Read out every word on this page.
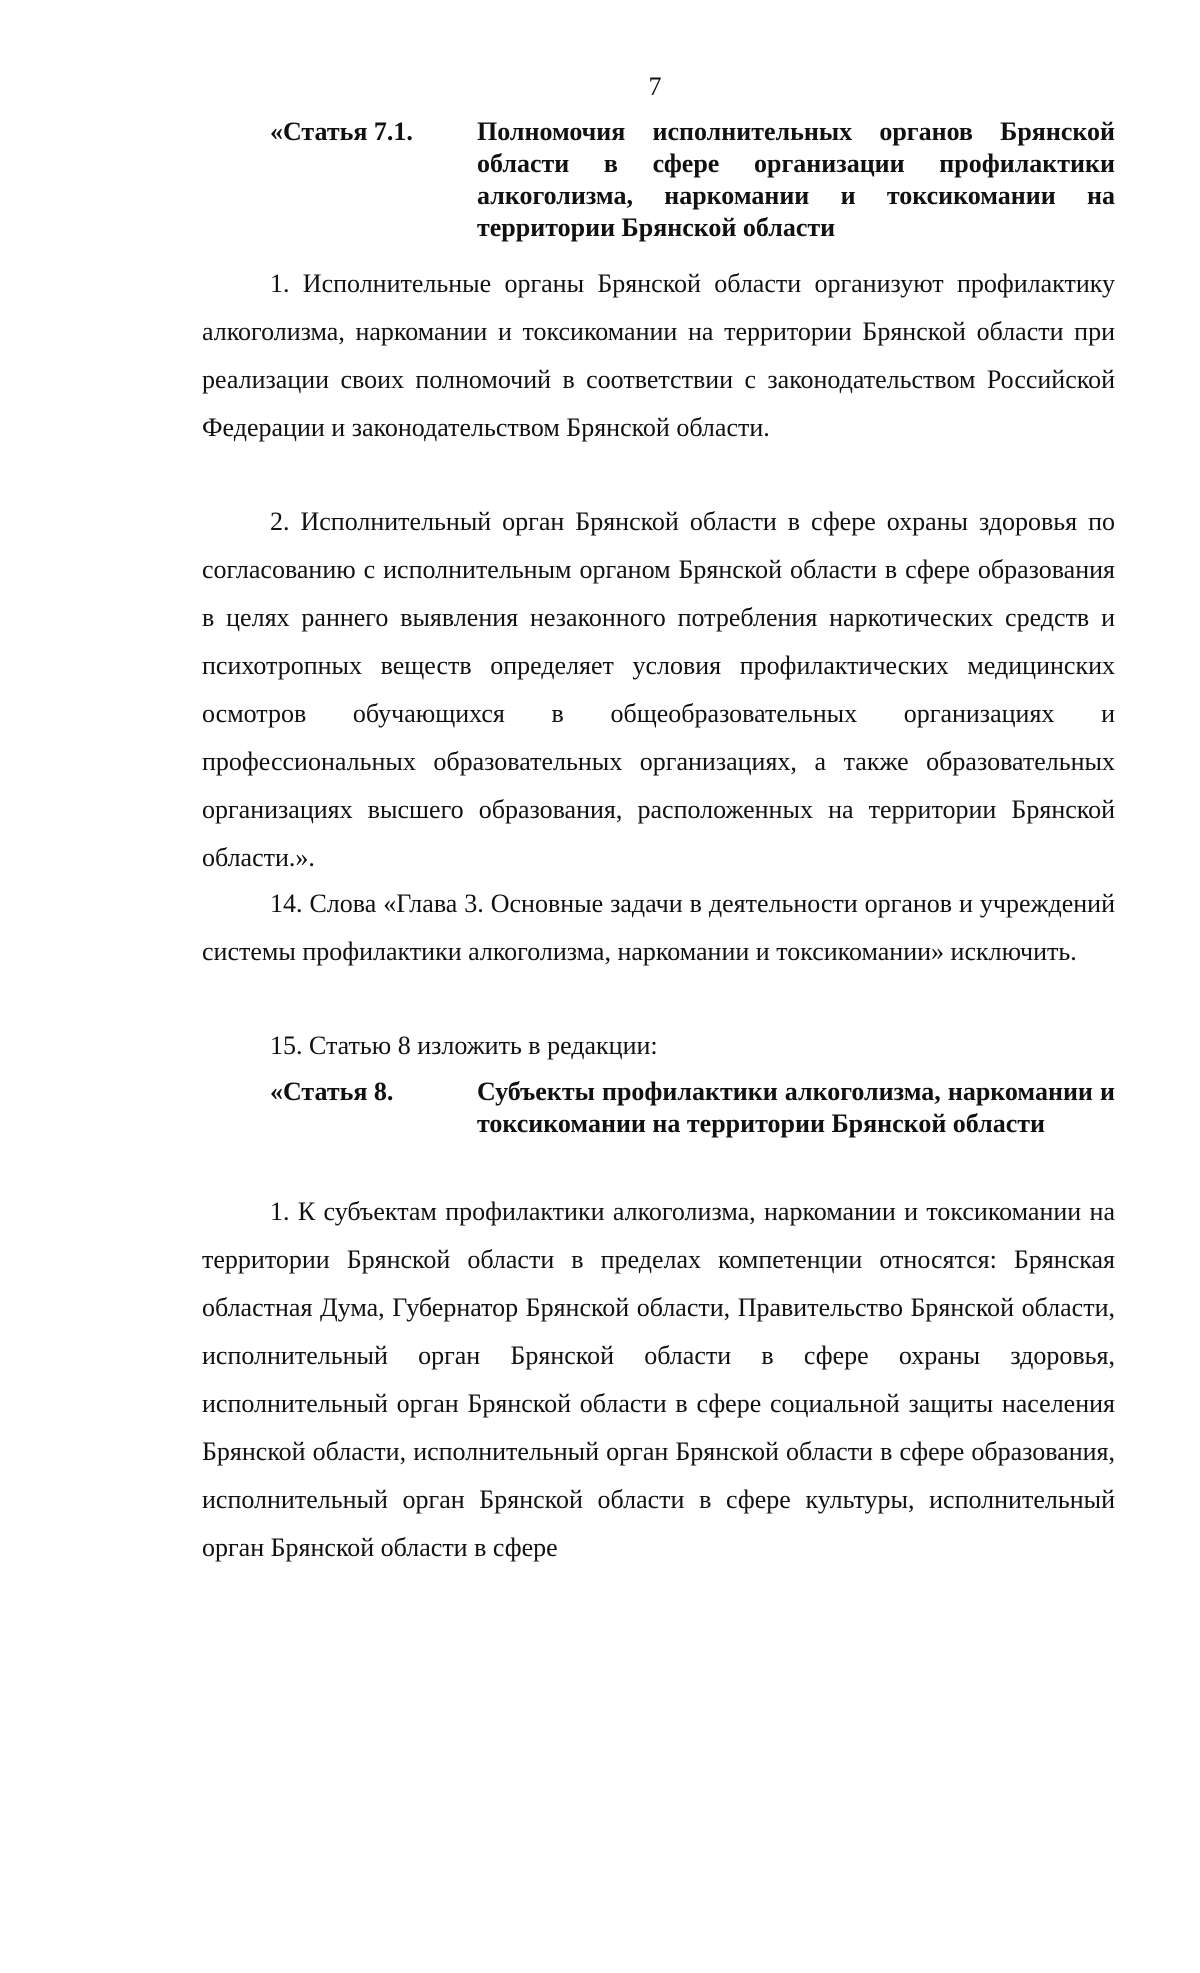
7
«Статья 7.1.	Полномочия исполнительных органов Брянской области в сфере организации профилактики алкоголизма, наркомании и токсикомании на территории Брянской области

1. Исполнительные органы Брянской области организуют профилактику алкоголизма, наркомании и токсикомании на территории Брянской области при реализации своих полномочий в соответствии с законодательством Российской Федерации и законодательством Брянской области.

2. Исполнительный орган Брянской области в сфере охраны здоровья по согласованию с исполнительным органом Брянской области в сфере образования в целях раннего выявления незаконного потребления наркотических средств и психотропных веществ определяет условия профилактических медицинских осмотров обучающихся в общеобразовательных организациях и профессиональных образовательных организациях, а также образовательных организациях высшего образования, расположенных на территории Брянской области.».

14. Слова «Глава 3. Основные задачи в деятельности органов и учреждений системы профилактики алкоголизма, наркомании и токсикомании» исключить.

15. Статью 8 изложить в редакции:

«Статья 8.	Субъекты профилактики алкоголизма, наркомании и токсикомании на территории Брянской области

1. К субъектам профилактики алкоголизма, наркомании и токсикомании на территории Брянской области в пределах компетенции относятся: Брянская областная Дума, Губернатор Брянской области, Правительство Брянской области, исполнительный орган Брянской области в сфере охраны здоровья, исполнительный орган Брянской области в сфере социальной защиты населения Брянской области, исполнительный орган Брянской области в сфере образования, исполнительный орган Брянской области в сфере культуры, исполнительный орган Брянской области в сфере
